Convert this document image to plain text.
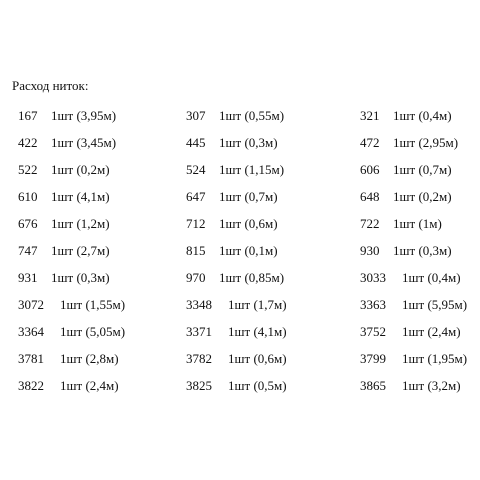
Расход ниток:
167 1шт (3,95м)	307 1шт (0,55м)	321 1шт (0,4м)
422 1шт (3,45м)	445 1шт (0,3м)	472 1шт (2,95м)
522 1шт (0,2м)	524 1шт (1,15м)	606 1шт (0,7м)
610 1шт (4,1м)	647 1шт (0,7м)	648 1шт (0,2м)
676 1шт (1,2м)	712 1шт (0,6м)	722 1шт (1м)
747 1шт (2,7м)	815 1шт (0,1м)	930 1шт (0,3м)
931 1шт (0,3м)	970 1шт (0,85м)	3033 1шт (0,4м)
3072 1шт (1,55м)	3348 1шт (1,7м)	3363 1шт (5,95м)
3364 1шт (5,05м)	3371 1шт (4,1м)	3752 1шт (2,4м)
3781 1шт (2,8м)	3782 1шт (0,6м)	3799 1шт (1,95м)
3822 1шт (2,4м)	3825 1шт (0,5м)	3865 1шт (3,2м)
